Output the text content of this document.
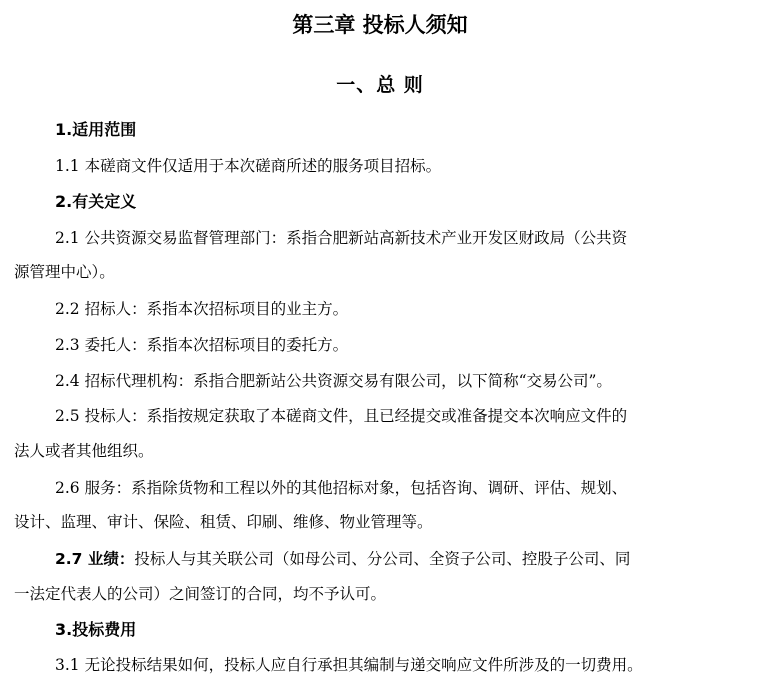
第三章 投标人须知
一、总 则
1.适用范围
1.1 本磋商文件仅适用于本次磋商所述的服务项目招标。
2.有关定义
2.1 公共资源交易监督管理部门：系指合肥新站高新技术产业开发区财政局（公共资
源管理中心）。
2.2 招标人：系指本次招标项目的业主方。
2.3 委托人：系指本次招标项目的委托方。
2.4 招标代理机构：系指合肥新站公共资源交易有限公司，以下简称“交易公司”。
2.5 投标人：系指按规定获取了本磋商文件，且已经提交或准备提交本次响应文件的
法人或者其他组织。
2.6 服务：系指除货物和工程以外的其他招标对象，包括咨询、调研、评估、规划、
设计、监理、审计、保险、租赁、印刷、维修、物业管理等。
2.7 业绩：投标人与其关联公司（如母公司、分公司、全资子公司、控股子公司、同
一法定代表人的公司）之间签订的合同，均不予认可。
3.投标费用
3.1 无论投标结果如何，投标人应自行承担其编制与递交响应文件所涉及的一切费用。
